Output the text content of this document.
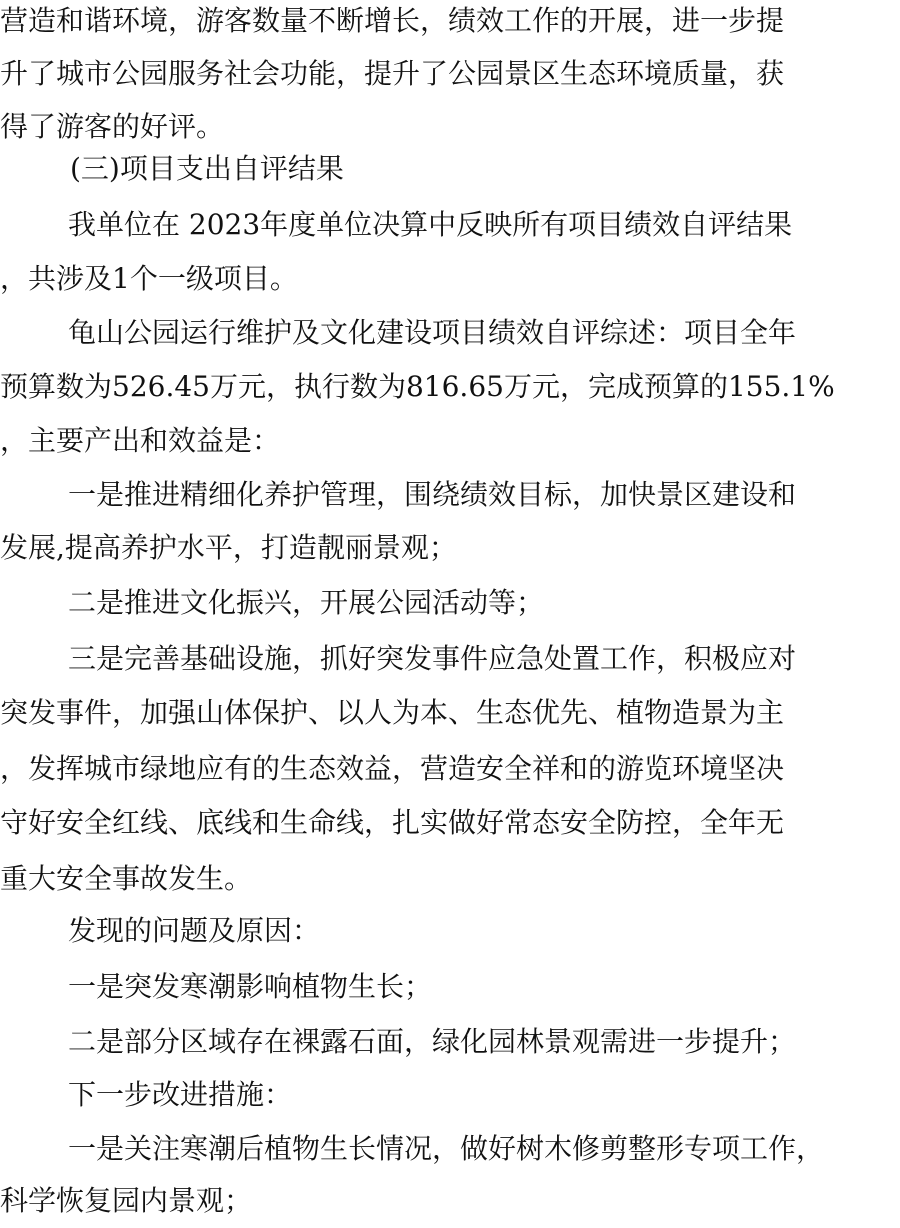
营造和谐环境，游客数量不断增长，绩效工作的开展，进一步提
升了城市公园服务社会功能，提升了公园景区生态环境质量，获
得了游客的好评。
(三)项目支出自评结果
我单位在 2023年度单位决算中反映所有项目绩效自评结果
，共涉及1个一级项目。
龟山公园运行维护及文化建设项目绩效自评综述：项目全年
预算数为526.45万元，执行数为816.65万元，完成预算的155.1%
，主要产出和效益是：
一是推进精细化养护管理，围绕绩效目标，加快景区建设和
发展,提高养护水平，打造靓丽景观；
二是推进文化振兴，开展公园活动等；
三是完善基础设施，抓好突发事件应急处置工作，积极应对
突发事件，加强山体保护、以人为本、生态优先、植物造景为主
，发挥城市绿地应有的生态效益，营造安全祥和的游览环境坚决
守好安全红线、底线和生命线，扎实做好常态安全防控，全年无
重大安全事故发生。
发现的问题及原因：
一是突发寒潮影响植物生长；
二是部分区域存在裸露石面，绿化园林景观需进一步提升；
下一步改进措施：
一是关注寒潮后植物生长情况，做好树木修剪整形专项工作，
科学恢复园内景观；
